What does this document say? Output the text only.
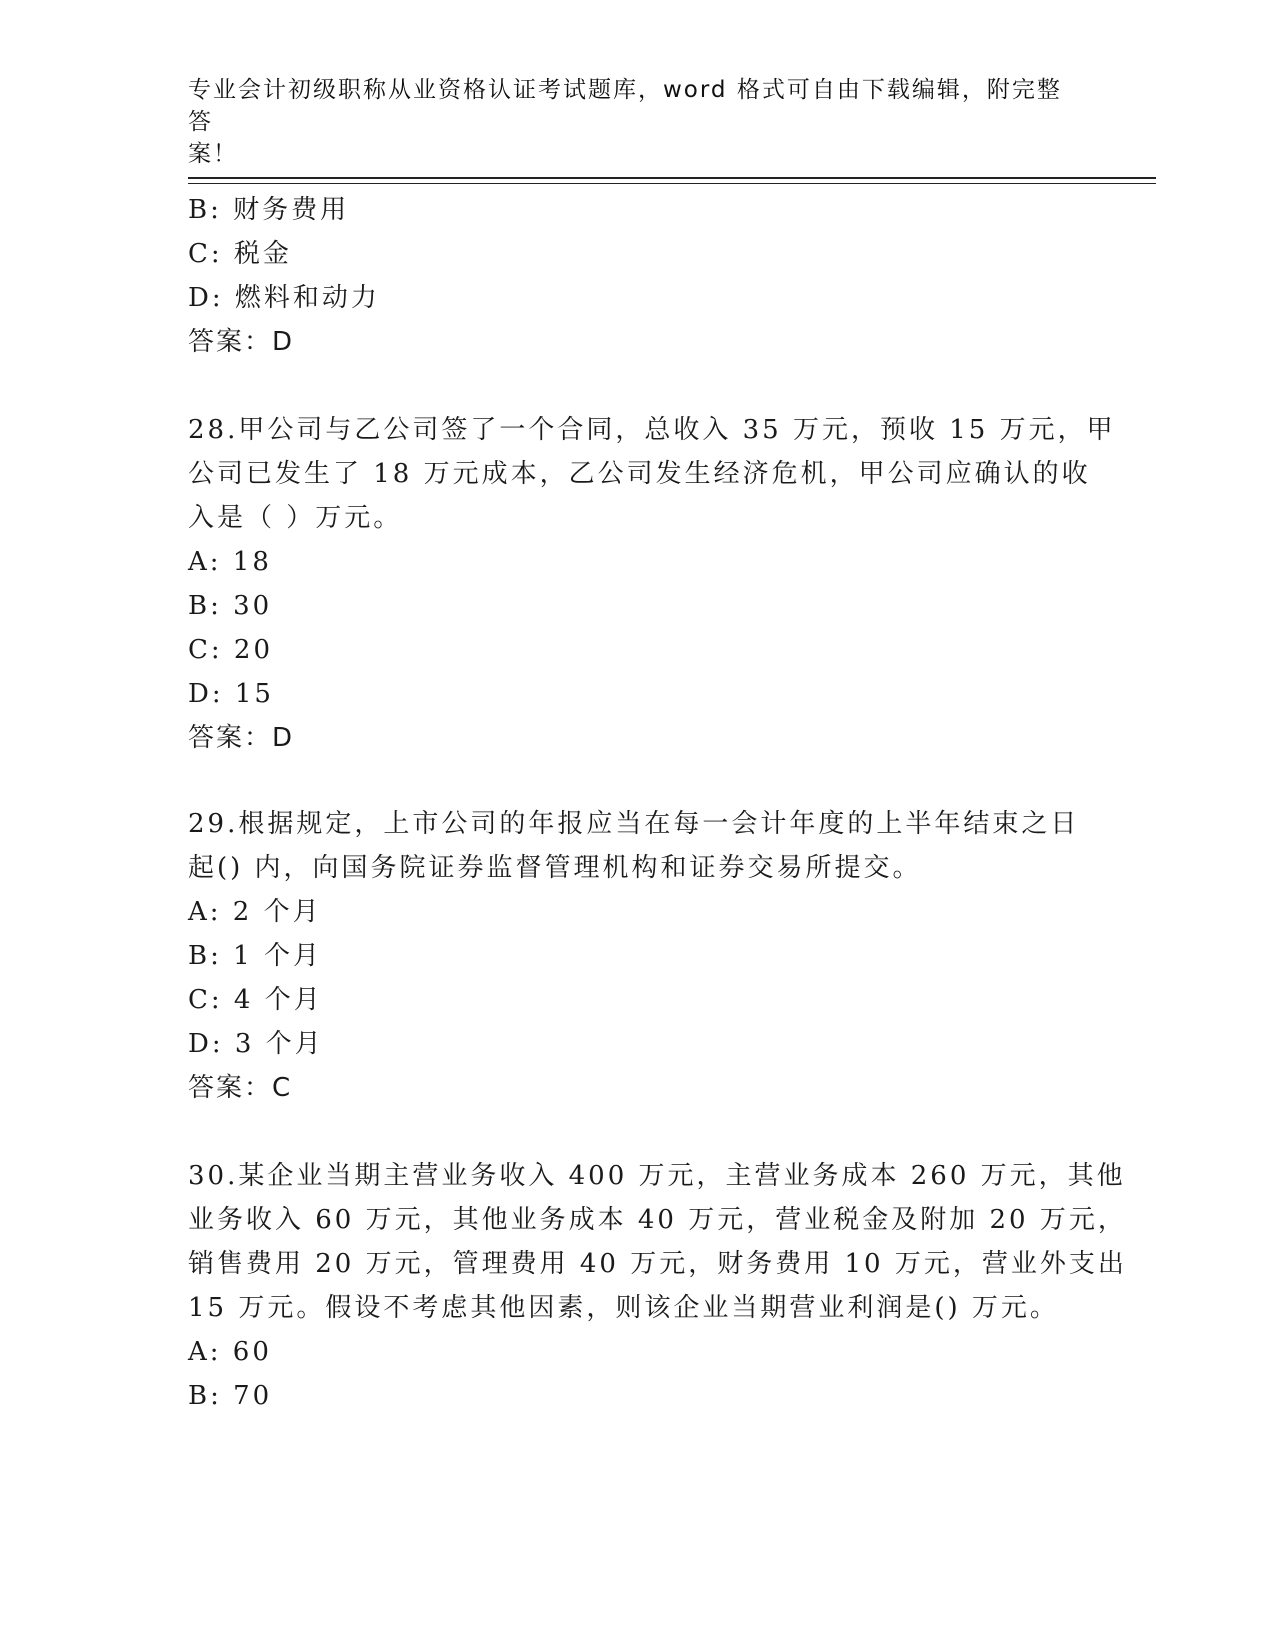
专业会计初级职称从业资格认证考试题库，word 格式可自由下载编辑，附完整答
案！
B: 财务费用
C: 税金
D: 燃料和动力
答案：D
28.甲公司与乙公司签了一个合同，总收入 35 万元，预收 15 万元，甲
公司已发生了 18 万元成本，乙公司发生经济危机，甲公司应确认的收
入是（ ）万元。
A: 18
B: 30
C: 20
D: 15
答案：D
29.根据规定，上市公司的年报应当在每一会计年度的上半年结束之日
起() 内，向国务院证券监督管理机构和证券交易所提交。
A: 2 个月
B: 1 个月
C: 4 个月
D: 3 个月
答案：C
30.某企业当期主营业务收入 400 万元，主营业务成本 260 万元，其他
业务收入 60 万元，其他业务成本 40 万元，营业税金及附加 20 万元，
销售费用 20 万元，管理费用 40 万元，财务费用 10 万元，营业外支出
15 万元。假设不考虑其他因素，则该企业当期营业利润是() 万元。
A: 60
B: 70
